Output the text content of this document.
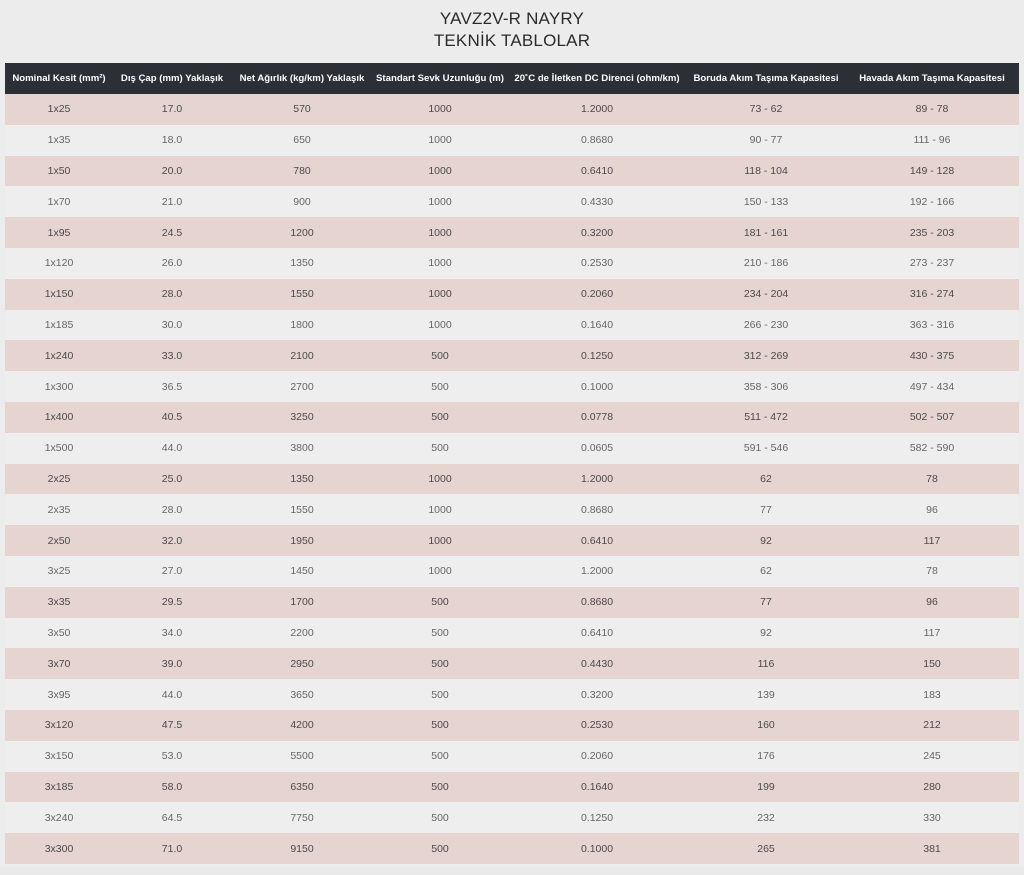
YAVZ2V-R NAYRY
TEKNİK TABLOLAR
Nominal Kesit (mm²)	Dış Çap (mm) Yaklaşık	Net Ağırlık (kg/km) Yaklaşık	Standart Sevk Uzunluğu (m)	20˚C de İletken DC Direnci (ohm/km)	Boruda Akım Taşıma Kapasitesi	Havada Akım Taşıma Kapasitesi
1x25	17.0	570	1000	1.2000	73 - 62	89 - 78
1x35	18.0	650	1000	0.8680	90 - 77	111 - 96
1x50	20.0	780	1000	0.6410	118 - 104	149 - 128
1x70	21.0	900	1000	0.4330	150 - 133	192 - 166
1x95	24.5	1200	1000	0.3200	181 - 161	235 - 203
1x120	26.0	1350	1000	0.2530	210 - 186	273 - 237
1x150	28.0	1550	1000	0.2060	234 - 204	316 - 274
1x185	30.0	1800	1000	0.1640	266 - 230	363 - 316
1x240	33.0	2100	500	0.1250	312 - 269	430 - 375
1x300	36.5	2700	500	0.1000	358 - 306	497 - 434
1x400	40.5	3250	500	0.0778	511 - 472	502 - 507
1x500	44.0	3800	500	0.0605	591 - 546	582 - 590
2x25	25.0	1350	1000	1.2000	62	78
2x35	28.0	1550	1000	0.8680	77	96
2x50	32.0	1950	1000	0.6410	92	117
3x25	27.0	1450	1000	1.2000	62	78
3x35	29.5	1700	500	0.8680	77	96
3x50	34.0	2200	500	0.6410	92	117
3x70	39.0	2950	500	0.4430	116	150
3x95	44.0	3650	500	0.3200	139	183
3x120	47.5	4200	500	0.2530	160	212
3x150	53.0	5500	500	0.2060	176	245
3x185	58.0	6350	500	0.1640	199	280
3x240	64.5	7750	500	0.1250	232	330
3x300	71.0	9150	500	0.1000	265	381
